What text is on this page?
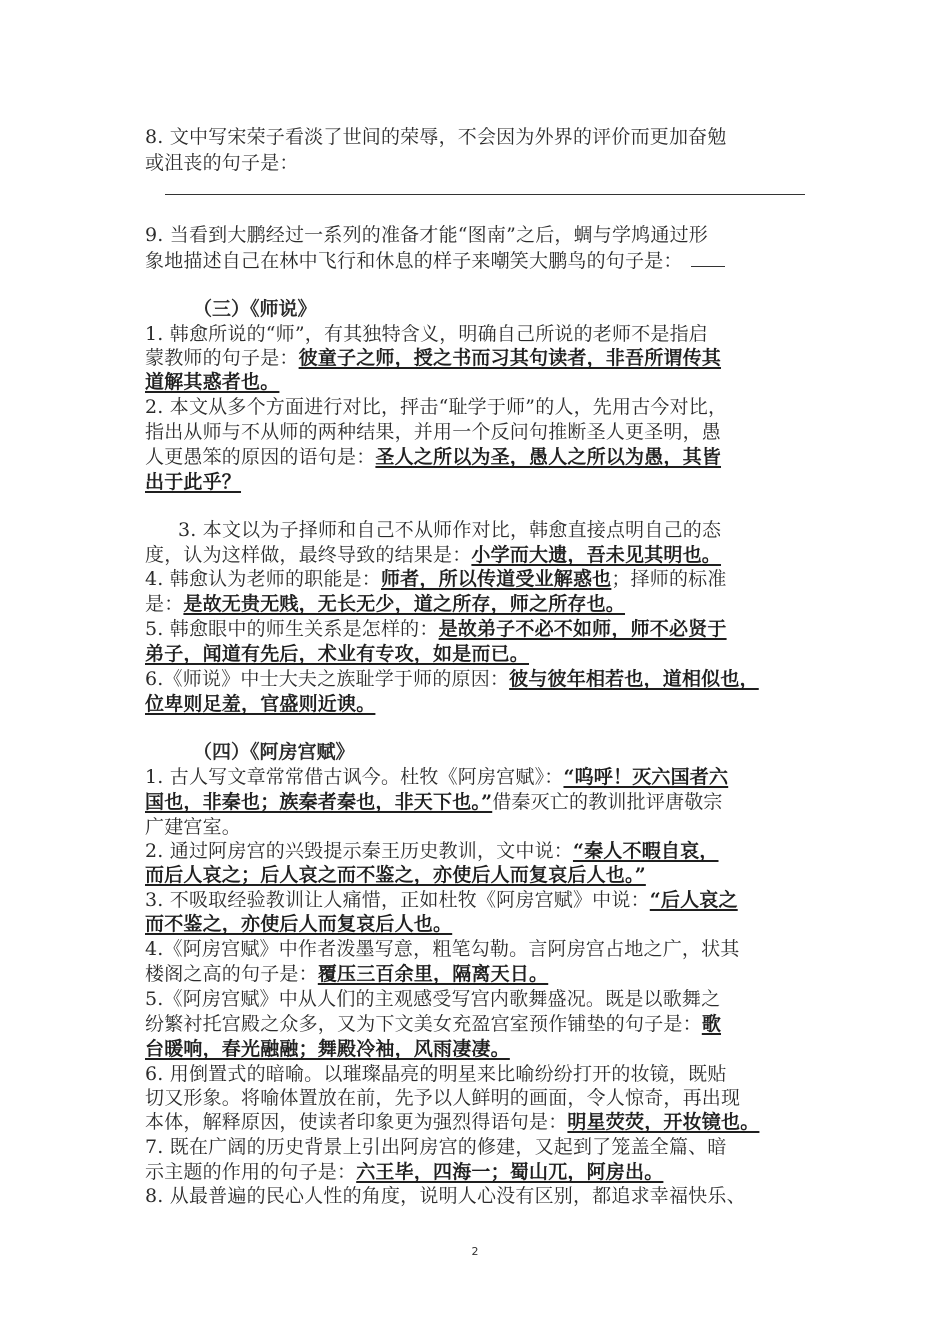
8. 文中写宋荣子看淡了世间的荣辱，不会因为外界的评价而更加奋勉
或沮丧的句子是：
9. 当看到大鹏经过一系列的准备才能“图南”之后，蜩与学鸠通过形
象地描述自己在林中飞行和休息的样子来嘲笑大鹏鸟的句子是：
（三）《师说》
1. 韩愈所说的“师”，有其独特含义，明确自己所说的老师不是指启
蒙教师的句子是：彼童子之师，授之书而习其句读者，非吾所谓传其
道解其惑者也。
2. 本文从多个方面进行对比，抨击“耻学于师”的人，先用古今对比，
指出从师与不从师的两种结果，并用一个反问句推断圣人更圣明，愚
人更愚笨的原因的语句是：圣人之所以为圣，愚人之所以为愚，其皆
出于此乎？
3. 本文以为子择师和自己不从师作对比，韩愈直接点明自己的态
度，认为这样做，最终导致的结果是：小学而大遗，吾未见其明也。
4. 韩愈认为老师的职能是：师者，所以传道受业解惑也；择师的标准
是：是故无贵无贱，无长无少，道之所存，师之所存也。
5. 韩愈眼中的师生关系是怎样的：是故弟子不必不如师，师不必贤于
弟子，闻道有先后，术业有专攻，如是而已。
6.《师说》中士大夫之族耻学于师的原因：彼与彼年相若也，道相似也，
位卑则足羞，官盛则近谀。
（四）《阿房宫赋》
1. 古人写文章常常借古讽今。杜牧《阿房宫赋》：“呜呼！灭六国者六
国也，非秦也；族秦者秦也，非天下也。”借秦灭亡的教训批评唐敬宗
广建宫室。
2. 通过阿房宫的兴毁提示秦王历史教训，文中说：“秦人不暇自哀，
而后人哀之；后人哀之而不鉴之，亦使后人而复哀后人也。”
3. 不吸取经验教训让人痛惜，正如杜牧《阿房宫赋》中说：“后人哀之
而不鉴之，亦使后人而复哀后人也。
4.《阿房宫赋》中作者泼墨写意，粗笔勾勒。言阿房宫占地之广，状其
楼阁之高的句子是：覆压三百余里，隔离天日。
5.《阿房宫赋》中从人们的主观感受写宫内歌舞盛况。既是以歌舞之
纷繁衬托宫殿之众多，又为下文美女充盈宫室预作铺垫的句子是：歌
台暖响，春光融融；舞殿冷袖，风雨凄凄。
6. 用倒置式的暗喻。以璀璨晶亮的明星来比喻纷纷打开的妆镜，既贴
切又形象。将喻体置放在前，先予以人鲜明的画面，令人惊奇，再出现
本体，解释原因，使读者印象更为强烈得语句是：明星荧荧，开妆镜也。
7. 既在广阔的历史背景上引出阿房宫的修建，又起到了笼盖全篇、暗
示主题的作用的句子是：六王毕，四海一；蜀山兀，阿房出。
8. 从最普遍的民心人性的角度，说明人心没有区别，都追求幸福快乐、
2
